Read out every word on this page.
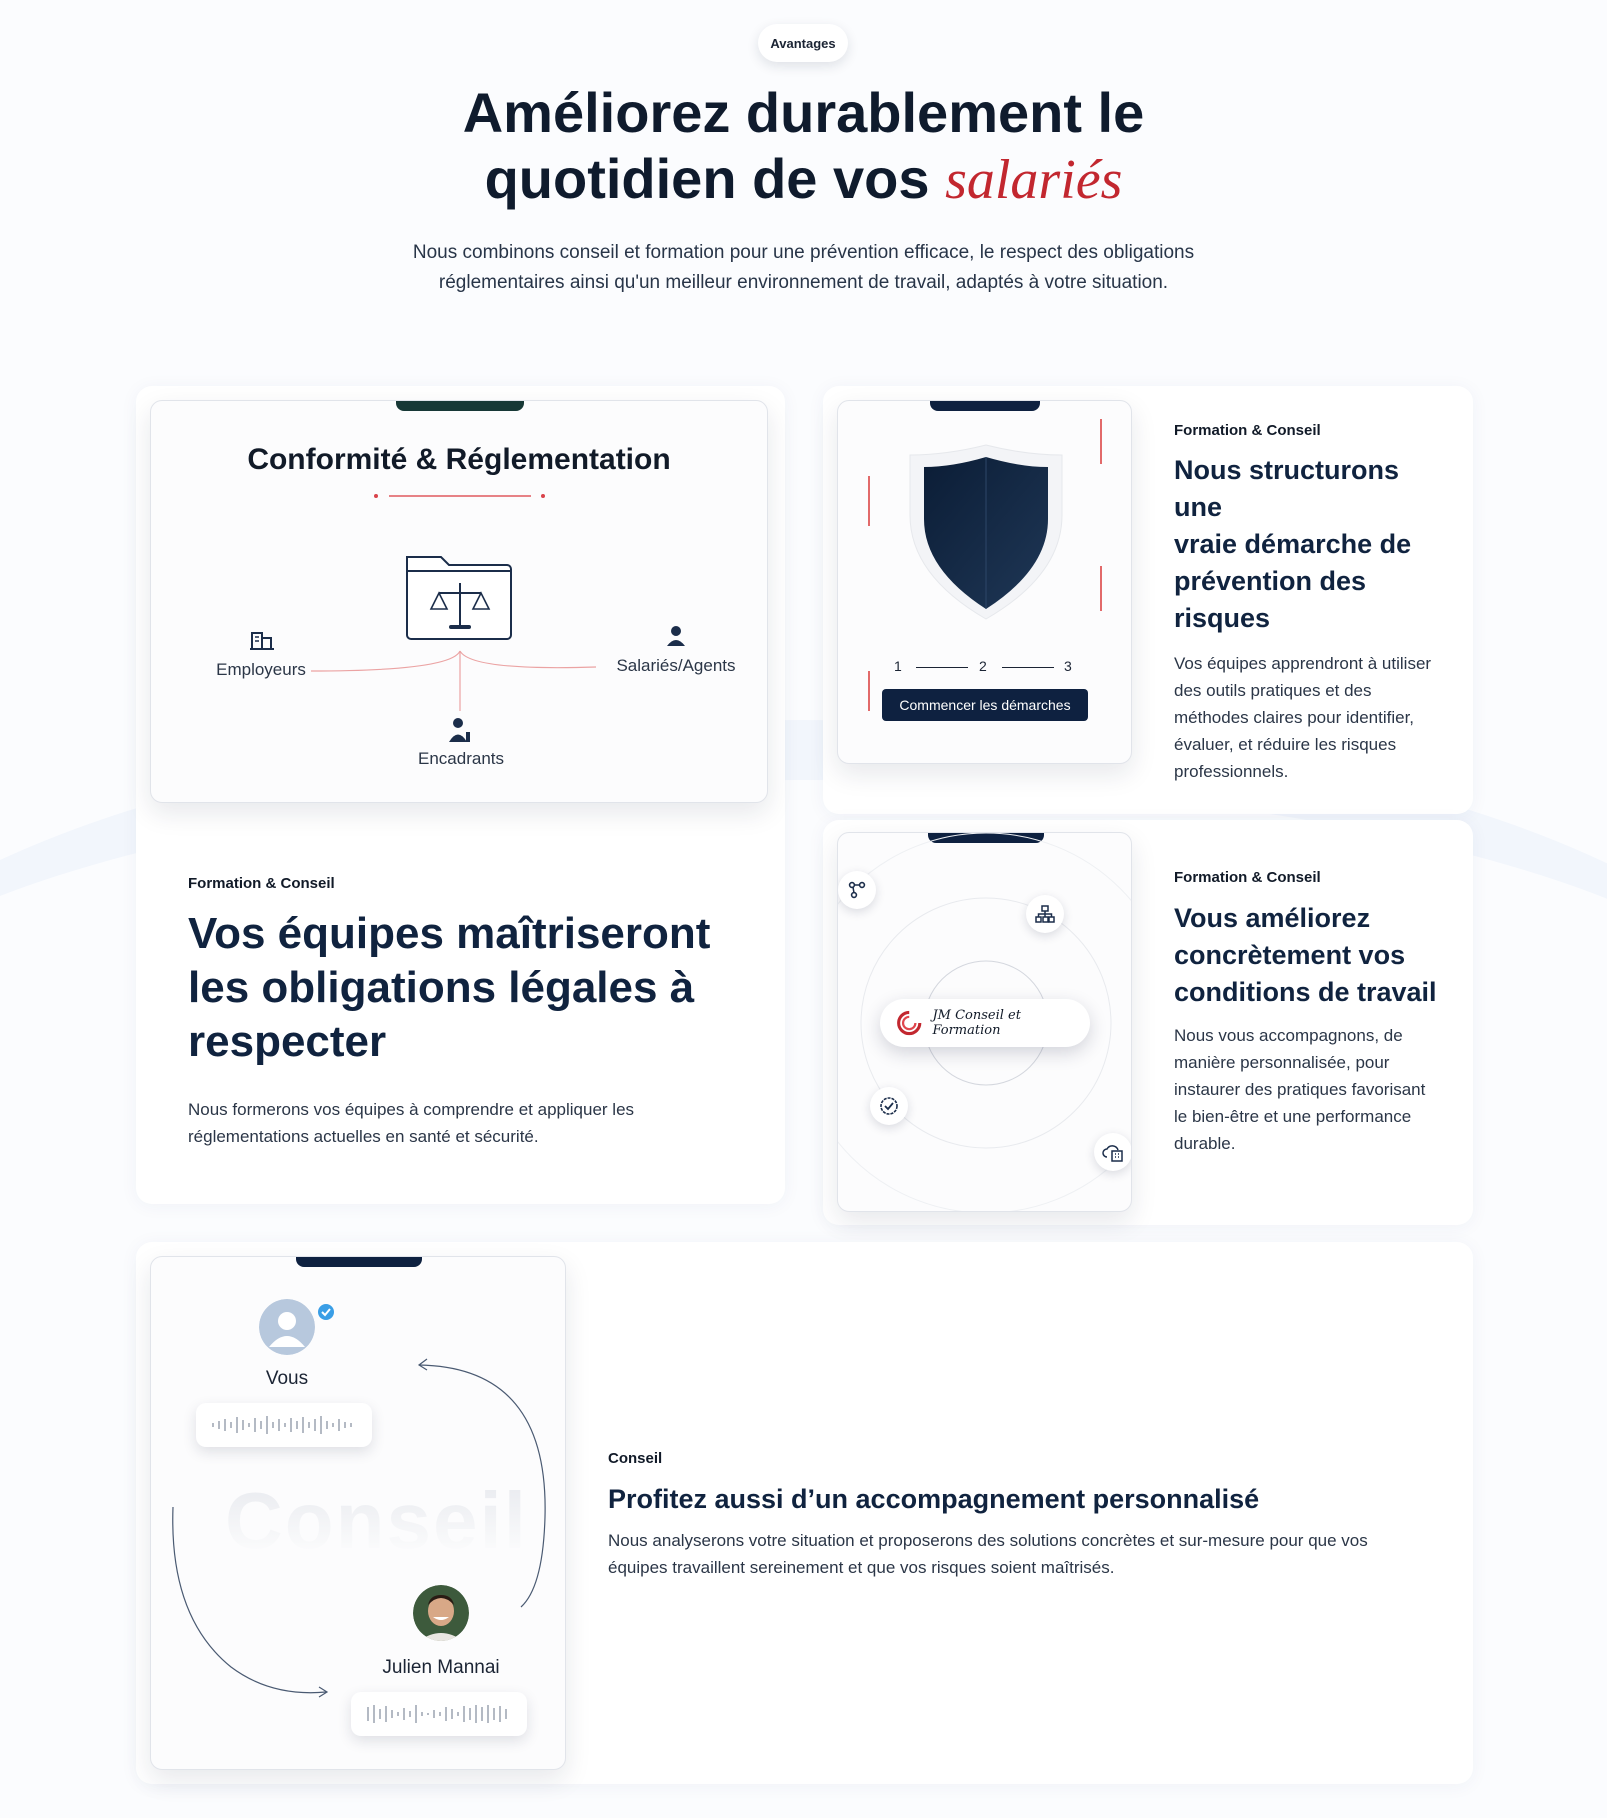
Avantages
Améliorez durablement le
quotidien de vos salariés

Nous combinons conseil et formation pour une prévention efficace, le respect des obligations
réglementaires ainsi qu'un meilleur environnement de travail, adaptés à votre situation.

Conformité & Réglementation
Employeurs	Salariés/Agents
Encadrants
Formation & Conseil
Vos équipes maîtriseront
les obligations légales à
respecter

Nous formerons vos équipes à comprendre et appliquer les
réglementations actuelles en santé et sécurité.

1	2	3
Commencer les démarches
Formation & Conseil
Nous structurons
une
vraie démarche de
prévention des
risques

Vos équipes apprendront à utiliser
des outils pratiques et des
méthodes claires pour identifier,
évaluer, et réduire les risques
professionnels.

JM Conseil et Formation
Formation & Conseil
Vous améliorez
concrètement vos
conditions de travail

Nous vous accompagnons, de
manière personnalisée, pour
instaurer des pratiques favorisant
le bien-être et une performance
durable.

Vous
Conseil
Julien Mannai
Conseil
Profitez aussi d’un accompagnement personnalisé

Nous analyserons votre situation et proposerons des solutions concrètes et sur-mesure pour que vos
équipes travaillent sereinement et que vos risques soient maîtrisés.
